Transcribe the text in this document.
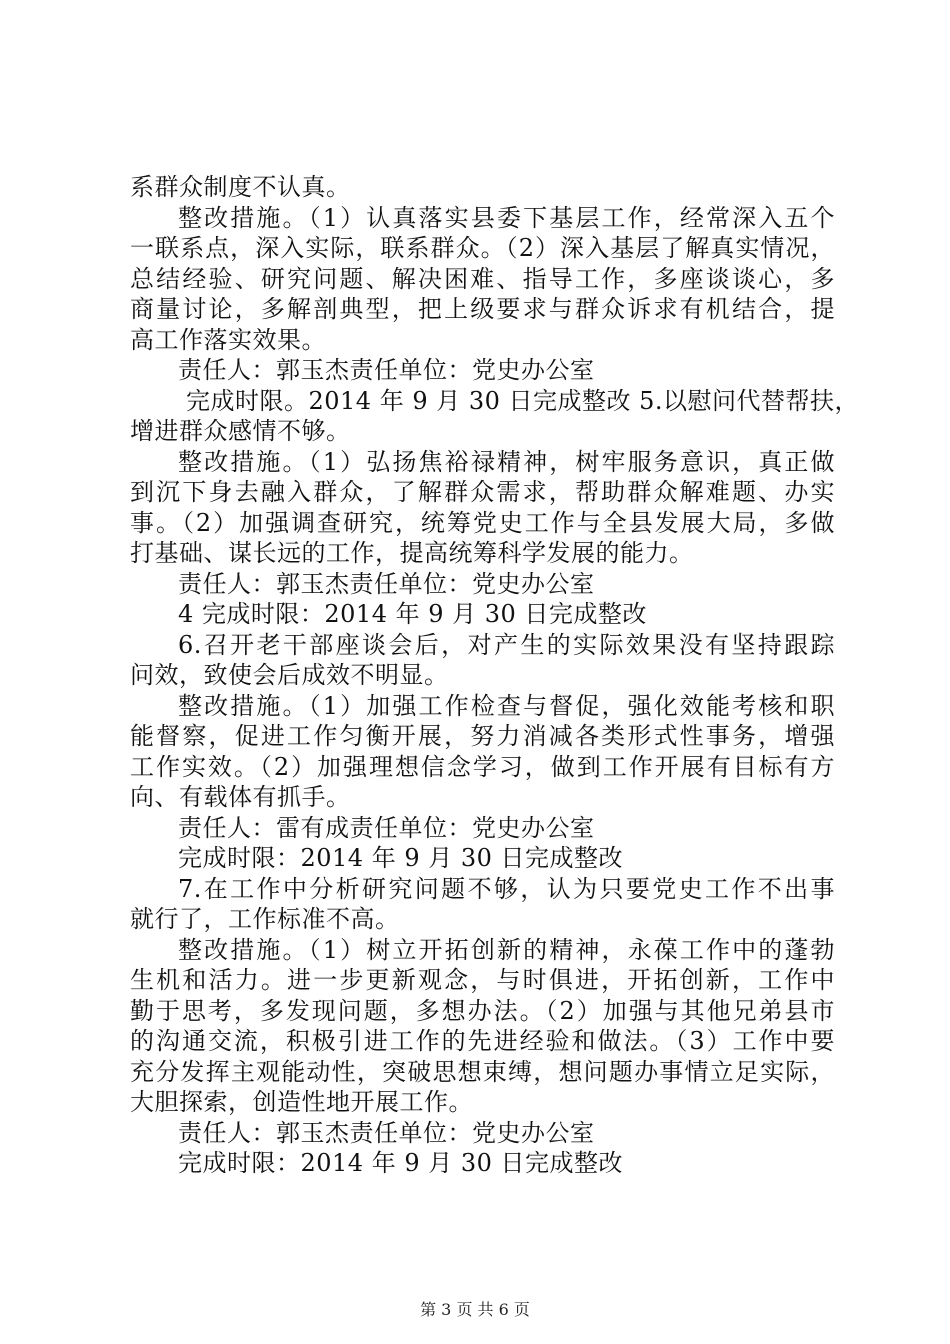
系群众制度不认真。
整改措施。（1）认真落实县委下基层工作，经常深入五个
一联系点，深入实际，联系群众。（2）深入基层了解真实情况，
总结经验、研究问题、解决困难、指导工作，多座谈谈心，多
商量讨论，多解剖典型，把上级要求与群众诉求有机结合，提
高工作落实效果。
责任人：郭玉杰责任单位：党史办公室
完成时限。2014 年 9 月 30 日完成整改 5.以慰问代替帮扶，
增进群众感情不够。
整改措施。（1）弘扬焦裕禄精神，树牢服务意识，真正做
到沉下身去融入群众，了解群众需求，帮助群众解难题、办实
事。（2）加强调查研究，统筹党史工作与全县发展大局，多做
打基础、谋长远的工作，提高统筹科学发展的能力。
责任人：郭玉杰责任单位：党史办公室
4 完成时限：2014 年 9 月 30 日完成整改
6.召开老干部座谈会后，对产生的实际效果没有坚持跟踪
问效，致使会后成效不明显。
整改措施。（1）加强工作检查与督促，强化效能考核和职
能督察，促进工作匀衡开展，努力消减各类形式性事务，增强
工作实效。（2）加强理想信念学习，做到工作开展有目标有方
向、有载体有抓手。
责任人：雷有成责任单位：党史办公室
完成时限：2014 年 9 月 30 日完成整改
7.在工作中分析研究问题不够，认为只要党史工作不出事
就行了，工作标准不高。
整改措施。（1）树立开拓创新的精神，永葆工作中的蓬勃
生机和活力。进一步更新观念，与时俱进，开拓创新，工作中
勤于思考，多发现问题，多想办法。（2）加强与其他兄弟县市
的沟通交流，积极引进工作的先进经验和做法。（3）工作中要
充分发挥主观能动性，突破思想束缚，想问题办事情立足实际，
大胆探索，创造性地开展工作。
责任人：郭玉杰责任单位：党史办公室
完成时限：2014 年 9 月 30 日完成整改
第 3 页 共 6 页
